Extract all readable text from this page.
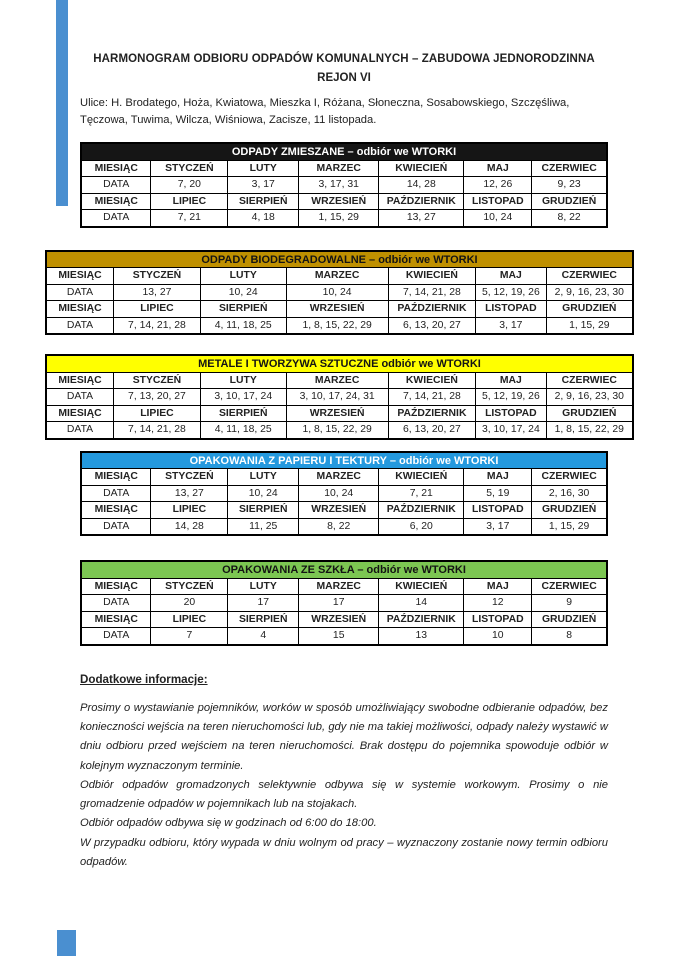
HARMONOGRAM ODBIORU ODPADÓW KOMUNALNYCH – ZABUDOWA JEDNORODZINNA
REJON VI
Ulice: H. Brodatego, Hoża, Kwiatowa, Mieszka I, Różana, Słoneczna, Sosabowskiego, Szczęśliwa, Tęczowa, Tuwima, Wilcza, Wiśniowa, Zacisze, 11 listopada.
ODPADY ZMIESZANE – odbiór we WTORKI						
MIESIĄC	STYCZEŃ	LUTY	MARZEC	KWIECIEŃ	MAJ	CZERWIEC
DATA	7, 20	3, 17	3, 17, 31	14, 28	12, 26	9, 23
MIESIĄC	LIPIEC	SIERPIEŃ	WRZESIEŃ	PAŹDZIERNIK	LISTOPAD	GRUDZIEŃ
DATA	7, 21	4, 18	1, 15, 29	13, 27	10, 24	8, 22
ODPADY BIODEGRADOWALNE – odbiór we WTORKI						
MIESIĄC	STYCZEŃ	LUTY	MARZEC	KWIECIEŃ	MAJ	CZERWIEC
DATA	13, 27	10, 24	10, 24	7, 14, 21, 28	5, 12, 19, 26	2, 9, 16, 23, 30
MIESIĄC	LIPIEC	SIERPIEŃ	WRZESIEŃ	PAŹDZIERNIK	LISTOPAD	GRUDZIEŃ
DATA	7, 14, 21, 28	4, 11, 18, 25	1, 8, 15, 22, 29	6, 13, 20, 27	3, 17	1, 15, 29
METALE I TWORZYWA SZTUCZNE odbiór we WTORKI						
MIESIĄC	STYCZEŃ	LUTY	MARZEC	KWIECIEŃ	MAJ	CZERWIEC
DATA	7, 13, 20, 27	3, 10, 17, 24	3, 10, 17, 24, 31	7, 14, 21, 28	5, 12, 19, 26	2, 9, 16, 23, 30
MIESIĄC	LIPIEC	SIERPIEŃ	WRZESIEŃ	PAŹDZIERNIK	LISTOPAD	GRUDZIEŃ
DATA	7, 14, 21, 28	4, 11, 18, 25	1, 8, 15, 22, 29	6, 13, 20, 27	3, 10, 17, 24	1, 8, 15, 22, 29
OPAKOWANIA Z PAPIERU I TEKTURY – odbiór we WTORKI						
MIESIĄC	STYCZEŃ	LUTY	MARZEC	KWIECIEŃ	MAJ	CZERWIEC
DATA	13, 27	10, 24	10, 24	7, 21	5, 19	2, 16, 30
MIESIĄC	LIPIEC	SIERPIEŃ	WRZESIEŃ	PAŹDZIERNIK	LISTOPAD	GRUDZIEŃ
DATA	14, 28	11, 25	8, 22	6, 20	3, 17	1, 15, 29
OPAKOWANIA ZE SZKŁA – odbiór we WTORKI						
MIESIĄC	STYCZEŃ	LUTY	MARZEC	KWIECIEŃ	MAJ	CZERWIEC
DATA	20	17	17	14	12	9
MIESIĄC	LIPIEC	SIERPIEŃ	WRZESIEŃ	PAŹDZIERNIK	LISTOPAD	GRUDZIEŃ
DATA	7	4	15	13	10	8
Dodatkowe informacje:

Prosimy o wystawianie pojemników, worków w sposób umożliwiający swobodne odbieranie odpadów, bez konieczności wejścia na teren nieruchomości lub, gdy nie ma takiej możliwości, odpady należy wystawić w dniu odbioru przed wejściem na teren nieruchomości. Brak dostępu do pojemnika spowoduje odbiór w kolejnym wyznaczonym terminie.

Odbiór odpadów gromadzonych selektywnie odbywa się w systemie workowym. Prosimy o nie gromadzenie odpadów w pojemnikach lub na stojakach.

Odbiór odpadów odbywa się w godzinach od 6:00 do 18:00.

W przypadku odbioru, który wypada w dniu wolnym od pracy – wyznaczony zostanie nowy termin odbioru odpadów.
